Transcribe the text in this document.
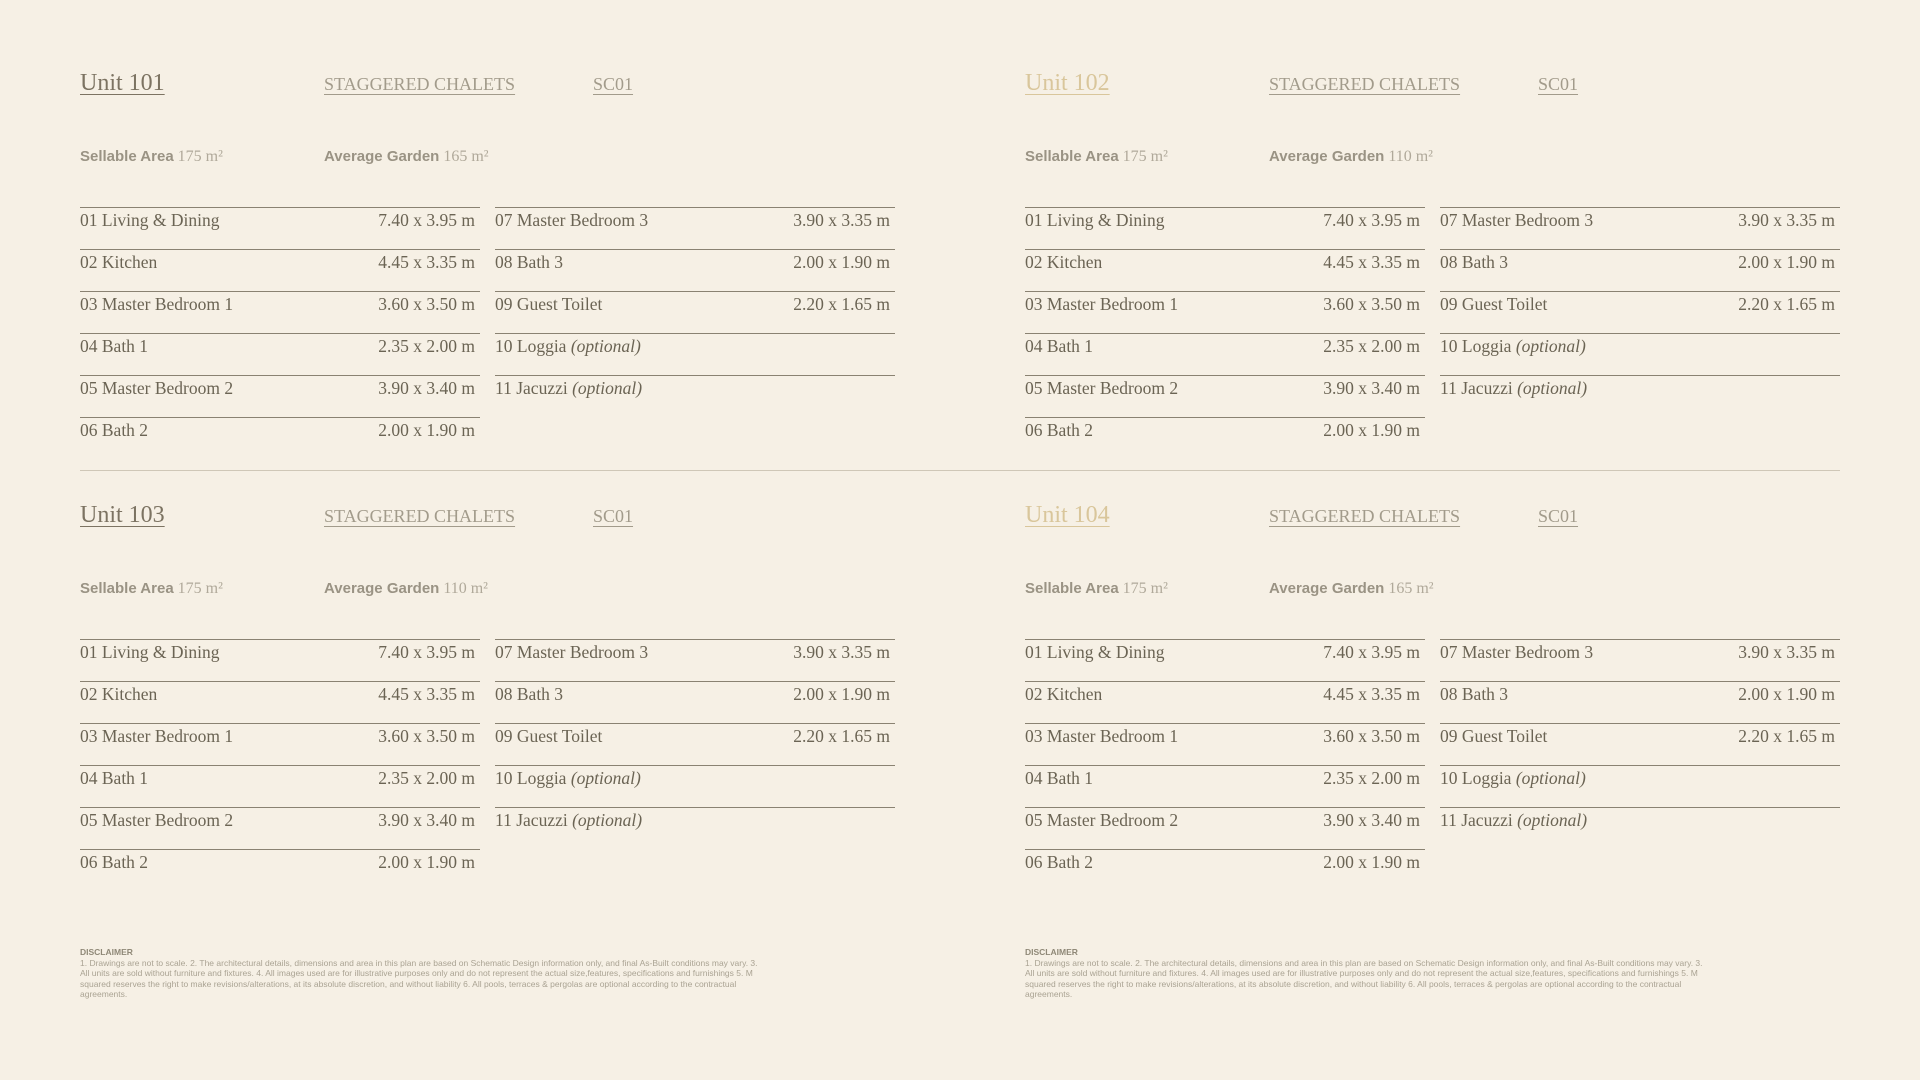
Unit 101	STAGGERED CHALETS	SC01
Sellable Area 175 m²	Average Garden 165 m²
01 Living & Dining	7.40 x 3.95 m
02 Kitchen	4.45 x 3.35 m
03 Master Bedroom 1	3.60 x 3.50 m
04 Bath 1	2.35 x 2.00 m
05 Master Bedroom 2	3.90 x 3.40 m
06 Bath 2	2.00 x 1.90 m
07 Master Bedroom 3	3.90 x 3.35 m
08 Bath 3	2.00 x 1.90 m
09 Guest Toilet	2.20 x 1.65 m
10 Loggia (optional)
11 Jacuzzi (optional)
Unit 102	STAGGERED CHALETS	SC01
Sellable Area 175 m²	Average Garden 110 m²
01 Living & Dining	7.40 x 3.95 m
02 Kitchen	4.45 x 3.35 m
03 Master Bedroom 1	3.60 x 3.50 m
04 Bath 1	2.35 x 2.00 m
05 Master Bedroom 2	3.90 x 3.40 m
06 Bath 2	2.00 x 1.90 m
07 Master Bedroom 3	3.90 x 3.35 m
08 Bath 3	2.00 x 1.90 m
09 Guest Toilet	2.20 x 1.65 m
10 Loggia (optional)
11 Jacuzzi (optional)
Unit 103	STAGGERED CHALETS	SC01
Sellable Area 175 m²	Average Garden 110 m²
01 Living & Dining	7.40 x 3.95 m
02 Kitchen	4.45 x 3.35 m
03 Master Bedroom 1	3.60 x 3.50 m
04 Bath 1	2.35 x 2.00 m
05 Master Bedroom 2	3.90 x 3.40 m
06 Bath 2	2.00 x 1.90 m
07 Master Bedroom 3	3.90 x 3.35 m
08 Bath 3	2.00 x 1.90 m
09 Guest Toilet	2.20 x 1.65 m
10 Loggia (optional)
11 Jacuzzi (optional)
Unit 104	STAGGERED CHALETS	SC01
Sellable Area 175 m²	Average Garden 165 m²
01 Living & Dining	7.40 x 3.95 m
02 Kitchen	4.45 x 3.35 m
03 Master Bedroom 1	3.60 x 3.50 m
04 Bath 1	2.35 x 2.00 m
05 Master Bedroom 2	3.90 x 3.40 m
06 Bath 2	2.00 x 1.90 m
07 Master Bedroom 3	3.90 x 3.35 m
08 Bath 3	2.00 x 1.90 m
09 Guest Toilet	2.20 x 1.65 m
10 Loggia (optional)
11 Jacuzzi (optional)
DISCLAIMER
1. Drawings are not to scale. 2. The architectural details, dimensions and area in this plan are based on Schematic Design information only, and final As-Built conditions may vary. 3. All units are sold without furniture and fixtures. 4. All images used are for illustrative purposes only and do not represent the actual size,features, specifications and furnishings 5. M squared reserves the right to make revisions/alterations, at its absolute discretion, and without liability 6. All pools, terraces & pergolas are optional according to the contractual agreements.
DISCLAIMER
1. Drawings are not to scale. 2. The architectural details, dimensions and area in this plan are based on Schematic Design information only, and final As-Built conditions may vary. 3. All units are sold without furniture and fixtures. 4. All images used are for illustrative purposes only and do not represent the actual size,features, specifications and furnishings 5. M squared reserves the right to make revisions/alterations, at its absolute discretion, and without liability 6. All pools, terraces & pergolas are optional according to the contractual agreements.
